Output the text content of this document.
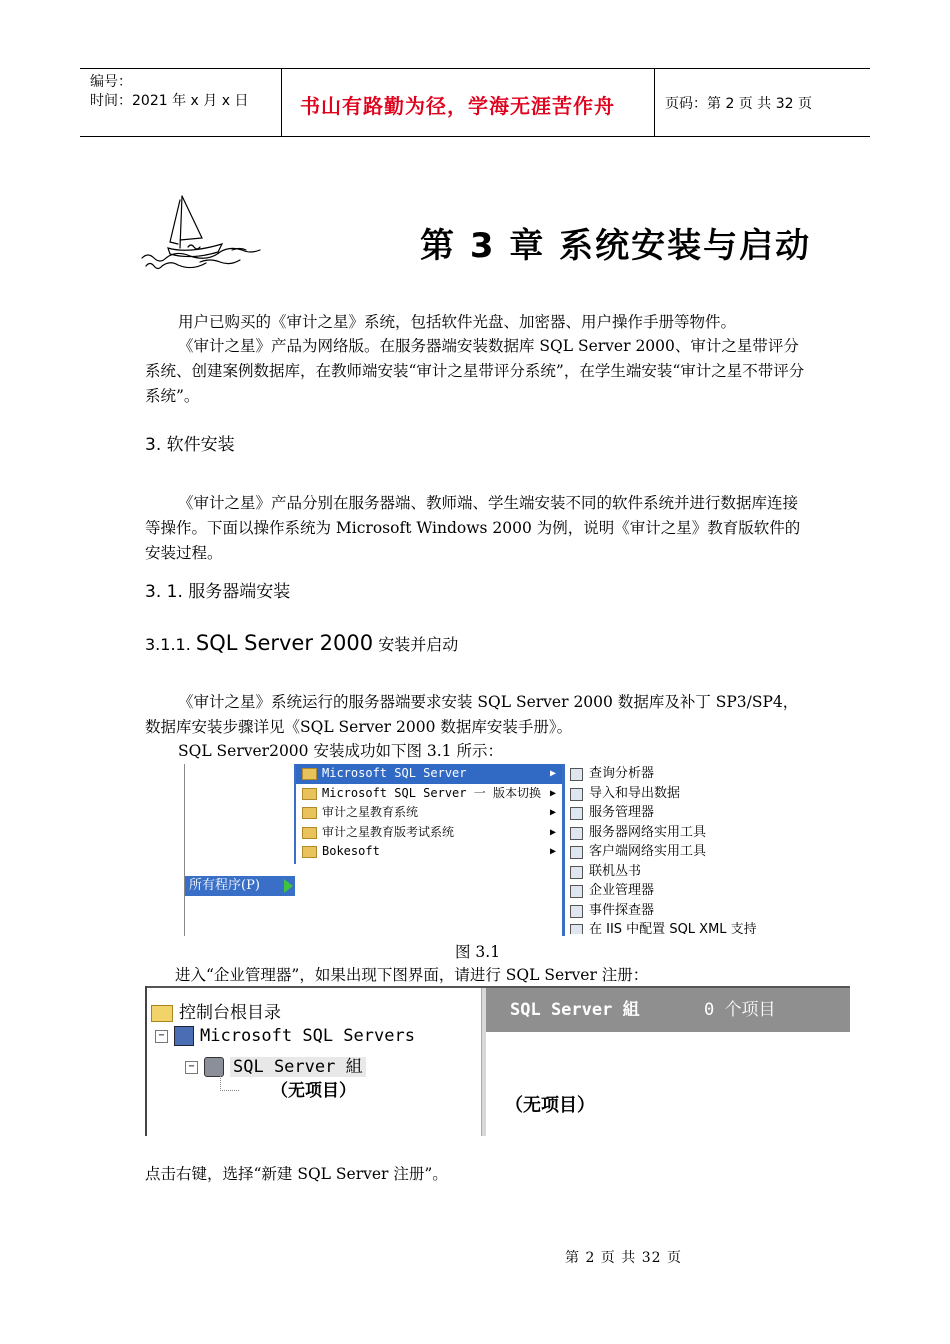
编号：
时间：2021 年 x 月 x 日	书山有路勤为径，学海无涯苦作舟	页码：第 2 页 共 32 页
第 3 章 系统安装与启动
用户已购买的《审计之星》系统，包括软件光盘、加密器、用户操作手册等物件。
《审计之星》产品为网络版。在服务器端安装数据库 SQL Server 2000、审计之星带评分系统、创建案例数据库，在教师端安装“审计之星带评分系统”，在学生端安装“审计之星不带评分系统”。
3. 软件安装
《审计之星》产品分别在服务器端、教师端、学生端安装不同的软件系统并进行数据库连接等操作。下面以操作系统为 Microsoft Windows 2000 为例，说明《审计之星》教育版软件的安装过程。
3. 1. 服务器端安装
3.1.1. SQL Server 2000 安装并启动
《审计之星》系统运行的服务器端要求安装 SQL Server 2000 数据库及补丁 SP3/SP4，数据库安装步骤详见《SQL Server 2000 数据库安装手册》。
SQL Server2000 安装成功如下图 3.1 所示：
所有程序(P)
Microsoft SQL Server	▶
Microsoft SQL Server 一 版本切换 ▶
审计之星教育系统	▶
审计之星教育版考试系统	▶
Bokesoft	▶
查询分析器
导入和导出数据
服务管理器
服务器网络实用工具
客户端网络实用工具
联机丛书
企业管理器
事件探查器
在 IIS 中配置 SQL XML 支持
图 3.1
进入“企业管理器”，如果出现下图界面，请进行 SQL Server 注册：
控制台根目录
− Microsoft SQL Servers
− SQL Server 組
（无项目）
SQL Server 組	0 个项目
（无项目）
点击右键，选择“新建 SQL Server 注册”。
第 2 页 共 32 页
